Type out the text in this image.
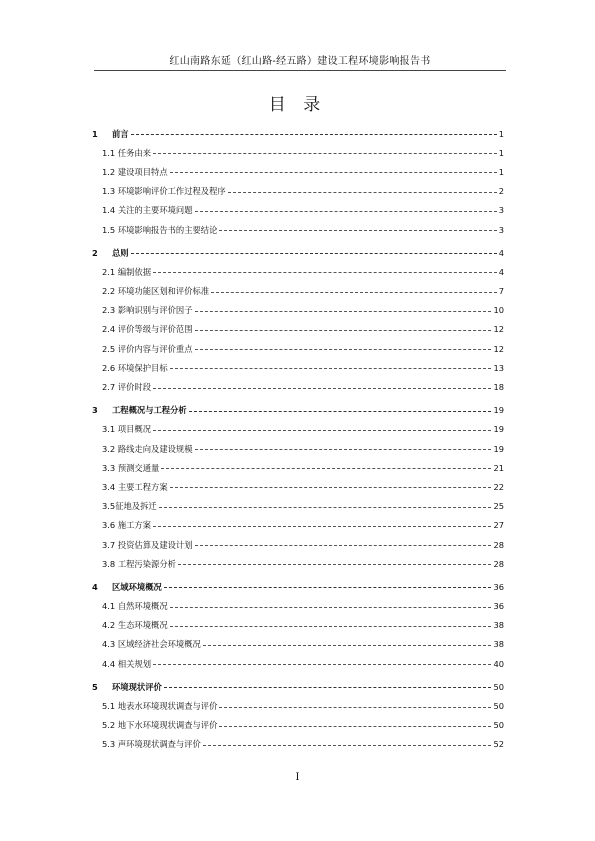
红山南路东延（红山路-经五路）建设工程环境影响报告书
目 录
1	前言	1
1.1 任务由来	1
1.2 建设项目特点	1
1.3 环境影响评价工作过程及程序	2
1.4 关注的主要环境问题	3
1.5 环境影响报告书的主要结论	3
2	总则	4
2.1 编制依据	4
2.2 环境功能区划和评价标准	7
2.3 影响识别与评价因子	10
2.4 评价等级与评价范围	12
2.5 评价内容与评价重点	12
2.6 环境保护目标	13
2.7 评价时段	18
3	工程概况与工程分析	19
3.1 项目概况	19
3.2 路线走向及建设规模	19
3.3 预测交通量	21
3.4 主要工程方案	22
3.5征地及拆迁	25
3.6 施工方案	27
3.7 投资估算及建设计划	28
3.8 工程污染源分析	28
4	区域环境概况	36
4.1 自然环境概况	36
4.2 生态环境概况	38
4.3 区域经济社会环境概况	38
4.4 相关规划	40
5	环境现状评价	50
5.1 地表水环境现状调查与评价	50
5.2 地下水环境现状调查与评价	50
5.3 声环境现状调查与评价	52
I
